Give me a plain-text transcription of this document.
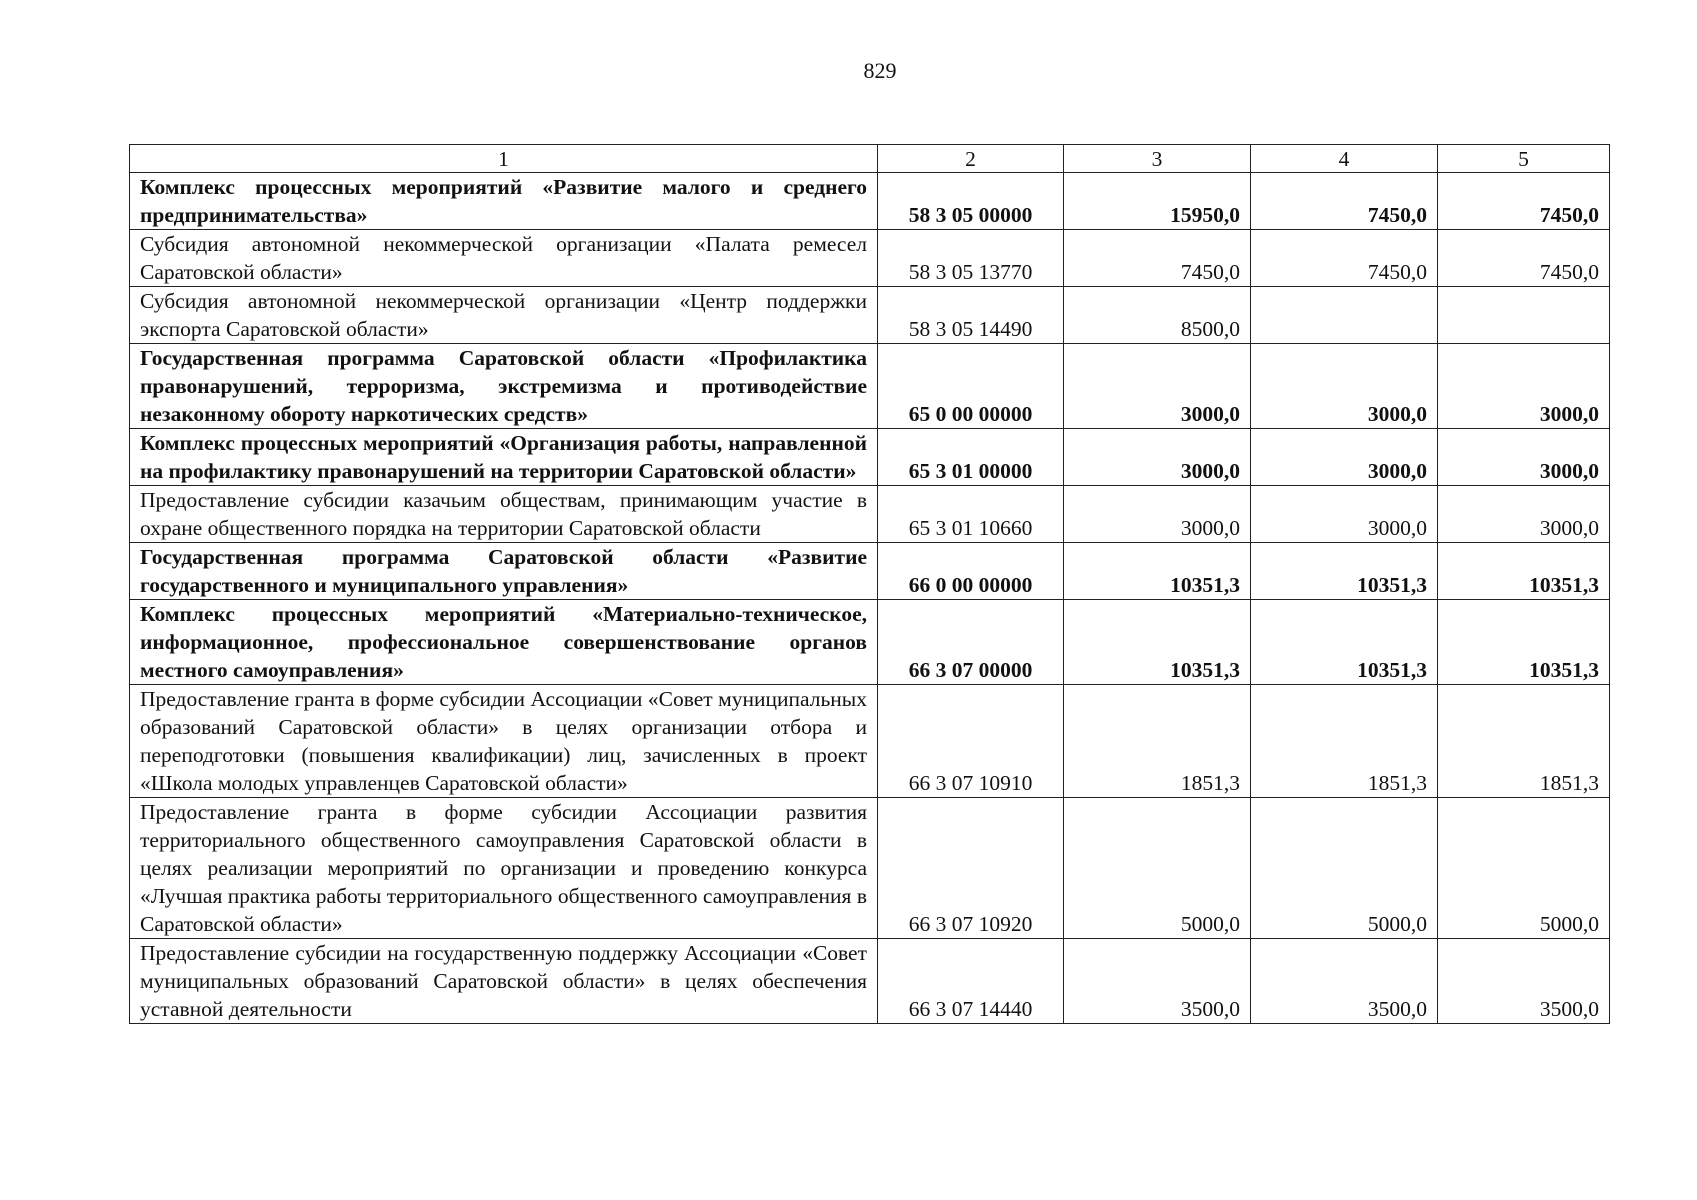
829
1	2	3	4	5
Комплекс процессных мероприятий «Развитие малого и среднего предпринимательства»	58 3 05 00000	15950,0	7450,0	7450,0
Субсидия автономной некоммерческой организации «Палата ремесел Саратовской области»	58 3 05 13770	7450,0	7450,0	7450,0
Субсидия автономной некоммерческой организации «Центр поддержки экспорта Саратовской области»	58 3 05 14490	8500,0		
Государственная программа Саратовской области «Профилактика правонарушений, терроризма, экстремизма и противодействие незаконному обороту наркотических средств»	65 0 00 00000	3000,0	3000,0	3000,0
Комплекс процессных мероприятий «Организация работы, направленной на профилактику правонарушений на территории Саратовской области»	65 3 01 00000	3000,0	3000,0	3000,0
Предоставление субсидии казачьим обществам, принимающим участие в охране общественного порядка на территории Саратовской области	65 3 01 10660	3000,0	3000,0	3000,0
Государственная программа Саратовской области «Развитие государственного и муниципального управления»	66 0 00 00000	10351,3	10351,3	10351,3
Комплекс процессных мероприятий «Материально-техническое, информационное, профессиональное совершенствование органов местного самоуправления»	66 3 07 00000	10351,3	10351,3	10351,3
Предоставление гранта в форме субсидии Ассоциации «Совет муниципальных образований Саратовской области» в целях организации отбора и переподготовки (повышения квалификации) лиц, зачисленных в проект «Школа молодых управленцев Саратовской области»	66 3 07 10910	1851,3	1851,3	1851,3
Предоставление гранта в форме субсидии Ассоциации развития территориального общественного самоуправления Саратовской области в целях реализации мероприятий по организации и проведению конкурса «Лучшая практика работы территориального общественного самоуправления в Саратовской области»	66 3 07 10920	5000,0	5000,0	5000,0
Предоставление субсидии на государственную поддержку Ассоциации «Совет муниципальных образований Саратовской области» в целях обеспечения уставной деятельности	66 3 07 14440	3500,0	3500,0	3500,0
